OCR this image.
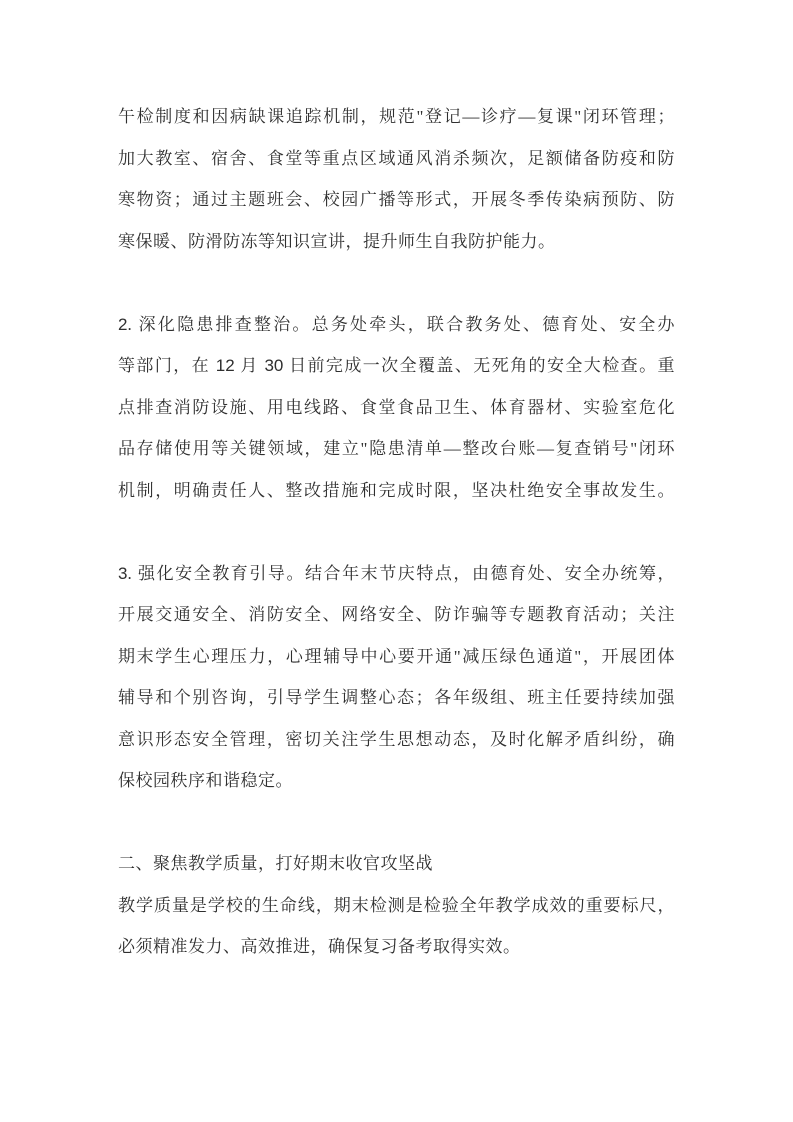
午检制度和因病缺课追踪机制，规范"登记—诊疗—复课"闭环管理；
加大教室、宿舍、食堂等重点区域通风消杀频次，足额储备防疫和防
寒物资；通过主题班会、校园广播等形式，开展冬季传染病预防、防
寒保暖、防滑防冻等知识宣讲，提升师生自我防护能力。
2. 深化隐患排查整治。总务处牵头，联合教务处、德育处、安全办
等部门，在 12 月 30 日前完成一次全覆盖、无死角的安全大检查。重
点排查消防设施、用电线路、食堂食品卫生、体育器材、实验室危化
品存储使用等关键领域，建立"隐患清单—整改台账—复查销号"闭环
机制，明确责任人、整改措施和完成时限，坚决杜绝安全事故发生。
3. 强化安全教育引导。结合年末节庆特点，由德育处、安全办统筹，
开展交通安全、消防安全、网络安全、防诈骗等专题教育活动；关注
期末学生心理压力，心理辅导中心要开通"减压绿色通道"，开展团体
辅导和个别咨询，引导学生调整心态；各年级组、班主任要持续加强
意识形态安全管理，密切关注学生思想动态，及时化解矛盾纠纷，确
保校园秩序和谐稳定。
二、聚焦教学质量，打好期末收官攻坚战
教学质量是学校的生命线，期末检测是检验全年教学成效的重要标尺，
必须精准发力、高效推进，确保复习备考取得实效。
